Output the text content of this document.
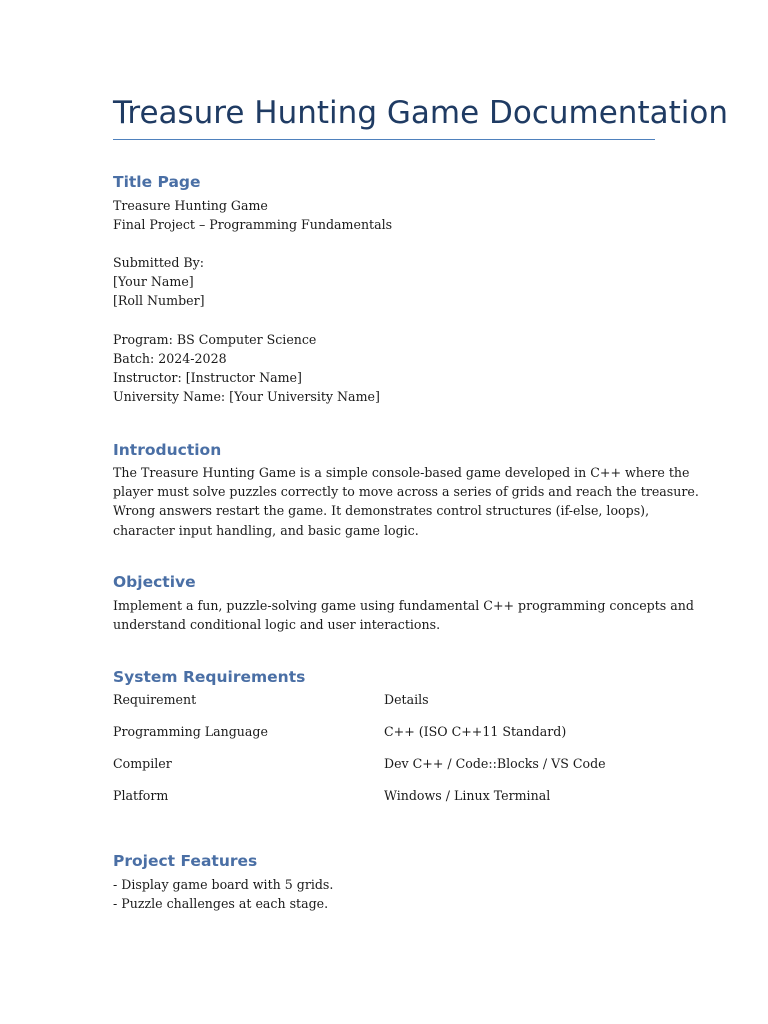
Treasure Hunting Game Documentation
Title Page
Treasure Hunting Game
Final Project – Programming Fundamentals
Submitted By:
[Your Name]
[Roll Number]
Program: BS Computer Science
Batch: 2024-2028
Instructor: [Instructor Name]
University Name: [Your University Name]
Introduction
The Treasure Hunting Game is a simple console-based game developed in C++ where the
player must solve puzzles correctly to move across a series of grids and reach the treasure.
Wrong answers restart the game. It demonstrates control structures (if-else, loops),
character input handling, and basic game logic.
Objective
Implement a fun, puzzle-solving game using fundamental C++ programming concepts and
understand conditional logic and user interactions.
System Requirements
Requirement	Details
Programming Language	C++ (ISO C++11 Standard)
Compiler	Dev C++ / Code::Blocks / VS Code
Platform	Windows / Linux Terminal
Project Features
- Display game board with 5 grids.
- Puzzle challenges at each stage.
